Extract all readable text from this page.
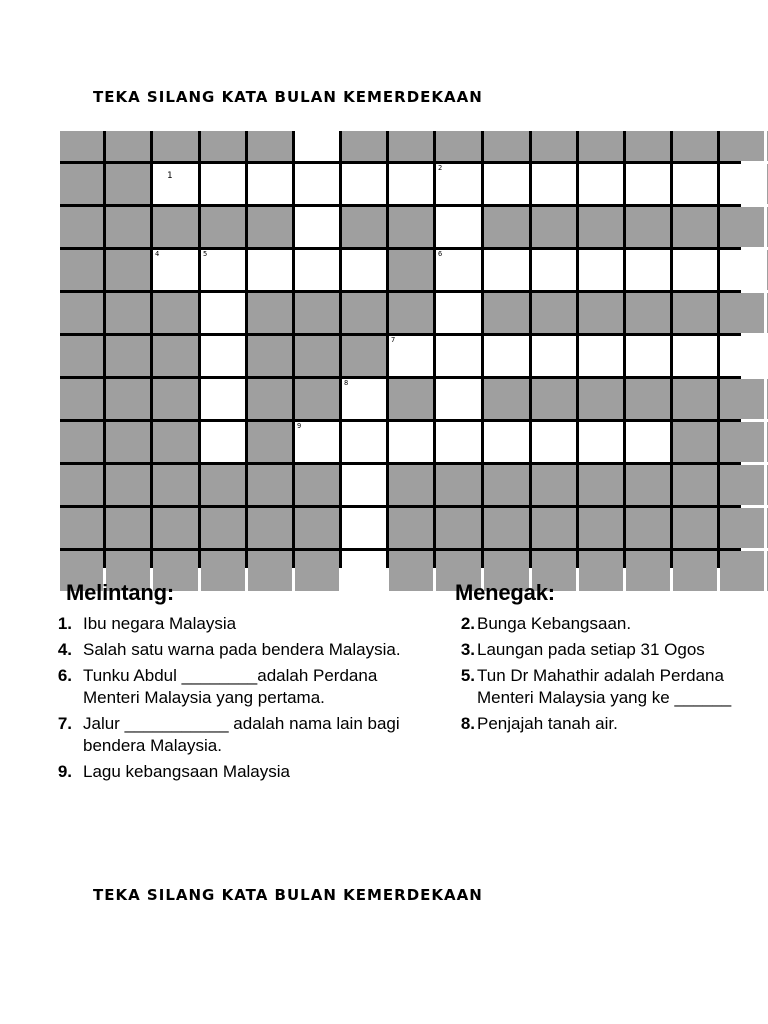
TEKA SILANG KATA BULAN KEMERDEKAAN
1
2
4	5	6
7
8
9
Melintang:
1. Ibu negara Malaysia
4. Salah satu warna pada bendera Malaysia.
6. Tunku Abdul ________adalah Perdana
Menteri Malaysia yang pertama.
7. Jalur ___________ adalah nama lain bagi
bendera Malaysia.
9. Lagu kebangsaan Malaysia
Menegak:
2. Bunga Kebangsaan.
3. Laungan pada setiap 31 Ogos
5. Tun Dr Mahathir adalah Perdana
Menteri Malaysia yang ke ______
8. Penjajah tanah air.
TEKA SILANG KATA BULAN KEMERDEKAAN
